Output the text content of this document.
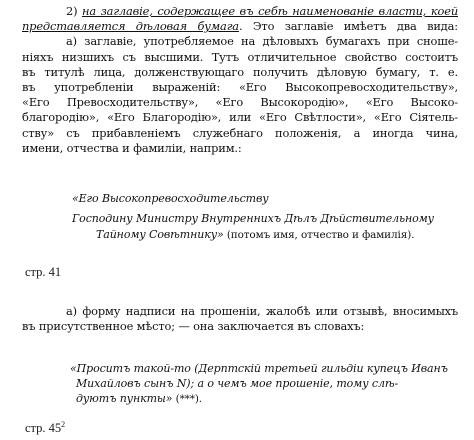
2) на заглавіе, содержащее въ себѣ наименованіе власти, коей
представляется дѣловая бумага. Это заглавіе имѣетъ два вида:
а) заглавіе, употребляемое на дѣловыхъ бумагахъ при сноше-
ніяхъ низшихъ съ высшими. Тутъ отличительное свойство состоитъ
въ титулѣ лица, долженствующаго получить дѣловую бумагу, т. е.
въ употребленіи выраженій: «Его Высокопревосходительству»,
«Его Превосходительству», «Его Высокородію», «Его Высоко-
благородію», «Его Благородію», или «Его Свѣтлости», «Его Сіятель-
ству» съ прибавленіемъ служебнаго положенія, а иногда чина,
имени, отчества и фамиліи, наприм.:
«Его Высокопревосходительству
Господину Министру Внутреннихъ Дѣлъ Дѣйствительному
Тайному Совѣтнику» (потомъ имя, отчество и фамилія).
стр. 41
а) форму надписи на прошеніи, жалобѣ или отзывѣ, вносимыхъ
въ присутственное мѣсто; — она заключается въ словахъ:
«Проситъ такой-то (Дерптскій третьей гильдіи купецъ Иванъ
Михайловъ сынъ N); а о чемъ мое прошеніе, тому слѣ-
дуютъ пункты» (***).
стр. $45^2$
